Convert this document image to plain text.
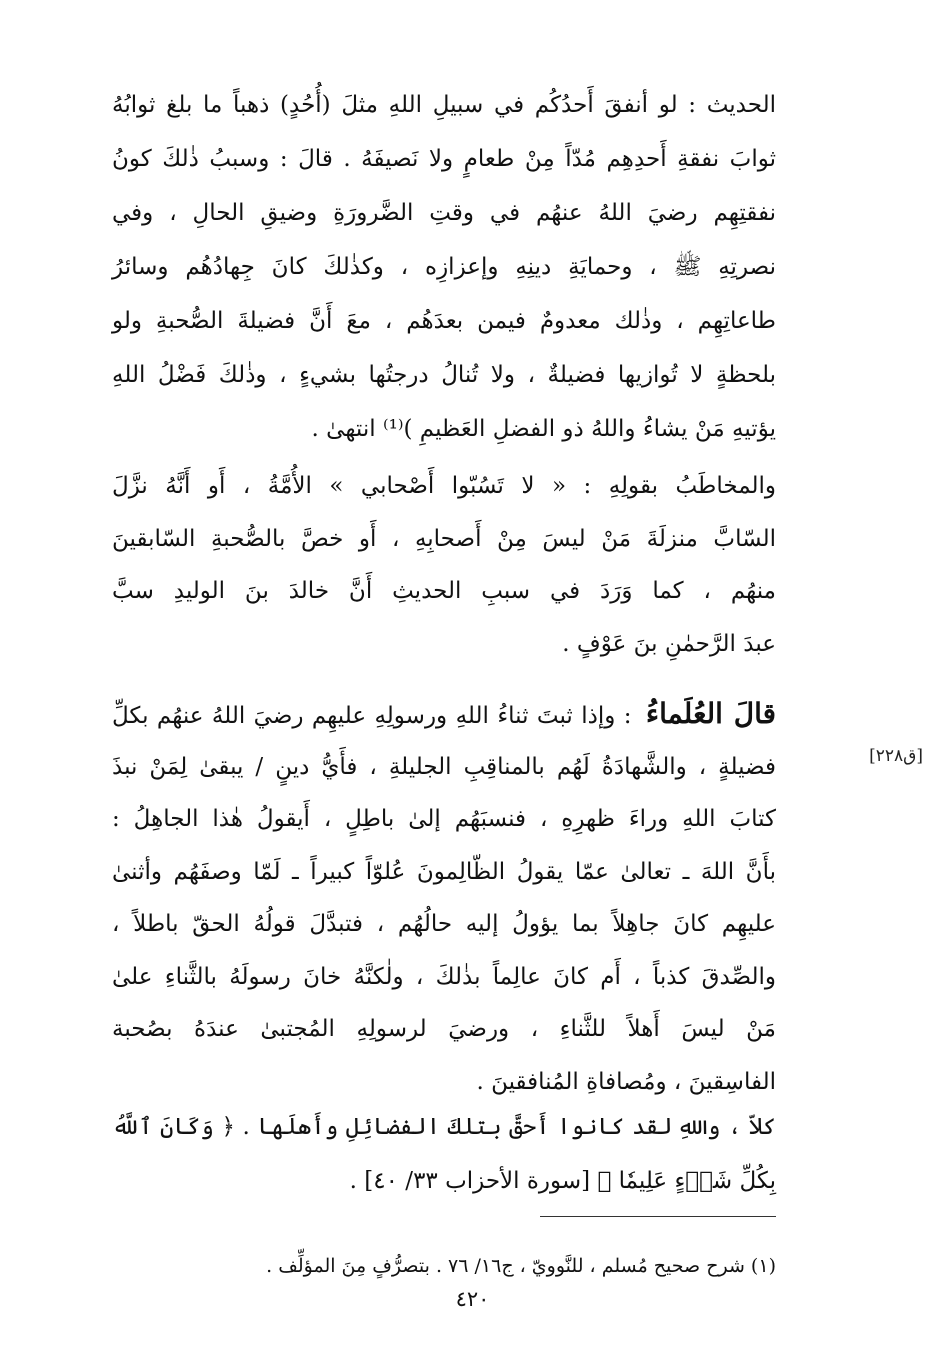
الحديث : لو أنفقَ أَحدُكُم في سبيلِ اللهِ مثلَ (أُحُدٍ) ذهباً ما بلغ ثوابُهُ
ثوابَ نفقةِ أَحدِهِم مُدّاً مِنْ طعامٍ ولا نَصيفَهُ . قالَ : وسببُ ذٰلكَ كونُ
نفقتِهِم رضيَ اللهُ عنهُم في وقتِ الضَّرورَةِ وضيقِ الحالِ ، وفي
نصرتِهِ ﷺ ، وحمايَةِ دينِهِ وإعزازِه ، وكذٰلكَ كانَ جِهادُهُم وسائرُ
طاعاتِهِم ، وذٰلك معدومٌ فيمن بعدَهُم ، معَ أَنَّ فضيلةَ الصُّحبةِ ولو
بلحظةٍ لا تُوازيها فضيلةٌ ، ولا تُنالُ درجتُها بشيءٍ ، وذٰلكَ فَضْلُ اللهِ
يؤتيهِ مَنْ يشاءُ واللهُ ذو الفضلِ العَظيمِ )⁽¹⁾ انتهىٰ .
والمخاطَبُ بقولِهِ : « لا تَسُبّوا أَصْحابي » الأُمَّةُ ، أَو أَنَّهُ نزَّلَ
السّابَّ منزلَةَ مَنْ ليسَ مِنْ أَصحابِهِ ، أَو خصَّ بالصُّحبةِ السّابقينَ
منهُم ، كما وَرَدَ في سببِ الحديثِ أَنَّ خالدَ بنَ الوليدِ سبَّ
عبدَ الرَّحمٰنِ بنَ عَوْفٍ .
قالَ العُلَماءُ : وإذا ثبتَ ثناءُ اللهِ ورسولِهِ عليهِم رضيَ اللهُ عنهُم بكلِّ
فضيلةٍ ، والشَّهادَةُ لَهُم بالمناقِبِ الجليلةِ ، فأَيُّ دينٍ / يبقىٰ لِمَنْ نبذَ
كتابَ اللهِ وراءَ ظهرِهِ ، فنسبَهُم إلىٰ باطِلٍ ، أَيقولُ هٰذا الجاهِلُ :
بأَنَّ اللهَ ـ تعالىٰ عمّا يقولُ الظّالِمونَ عُلوّاً كبيراً ـ لَمّا وصفَهُم وأثنىٰ
عليهِم كانَ جاهِلاً بما يؤولُ إليه حالُهُم ، فتبدَّلَ قولُهُ الحقّ باطلاً ،
والصِّدقَ كذباً ، أَم كانَ عالِماً بذٰلكَ ، ولٰكنَّهُ خانَ رسولَهُ بالثَّناءِ علىٰ
مَنْ ليسَ أَهلاً للثَّناءِ ، ورضيَ لرسولِهِ المُجتبىٰ عندَهُ بصُحبة
الفاسِقينَ ، ومُصافاةِ المُنافقينَ .
[ق٢٢٨]
كلاّ ، واللهِ لقد كانوا أَحقَّ بتلكَ الفضائِلِ وأَهلَها . ﴿ وَكَانَ ٱللَّهُ
بِكُلِّ شَيۡءٍ عَلِيمٗا ﴾ [سورة الأحزاب ٣٣/ ٤٠] .
(١) شرح صحيح مُسلم ، للنَّوويّ ، ج١٦/ ٧٦ . بتصرُّفٍ مِنَ المؤلِّف .
٤٢٠
